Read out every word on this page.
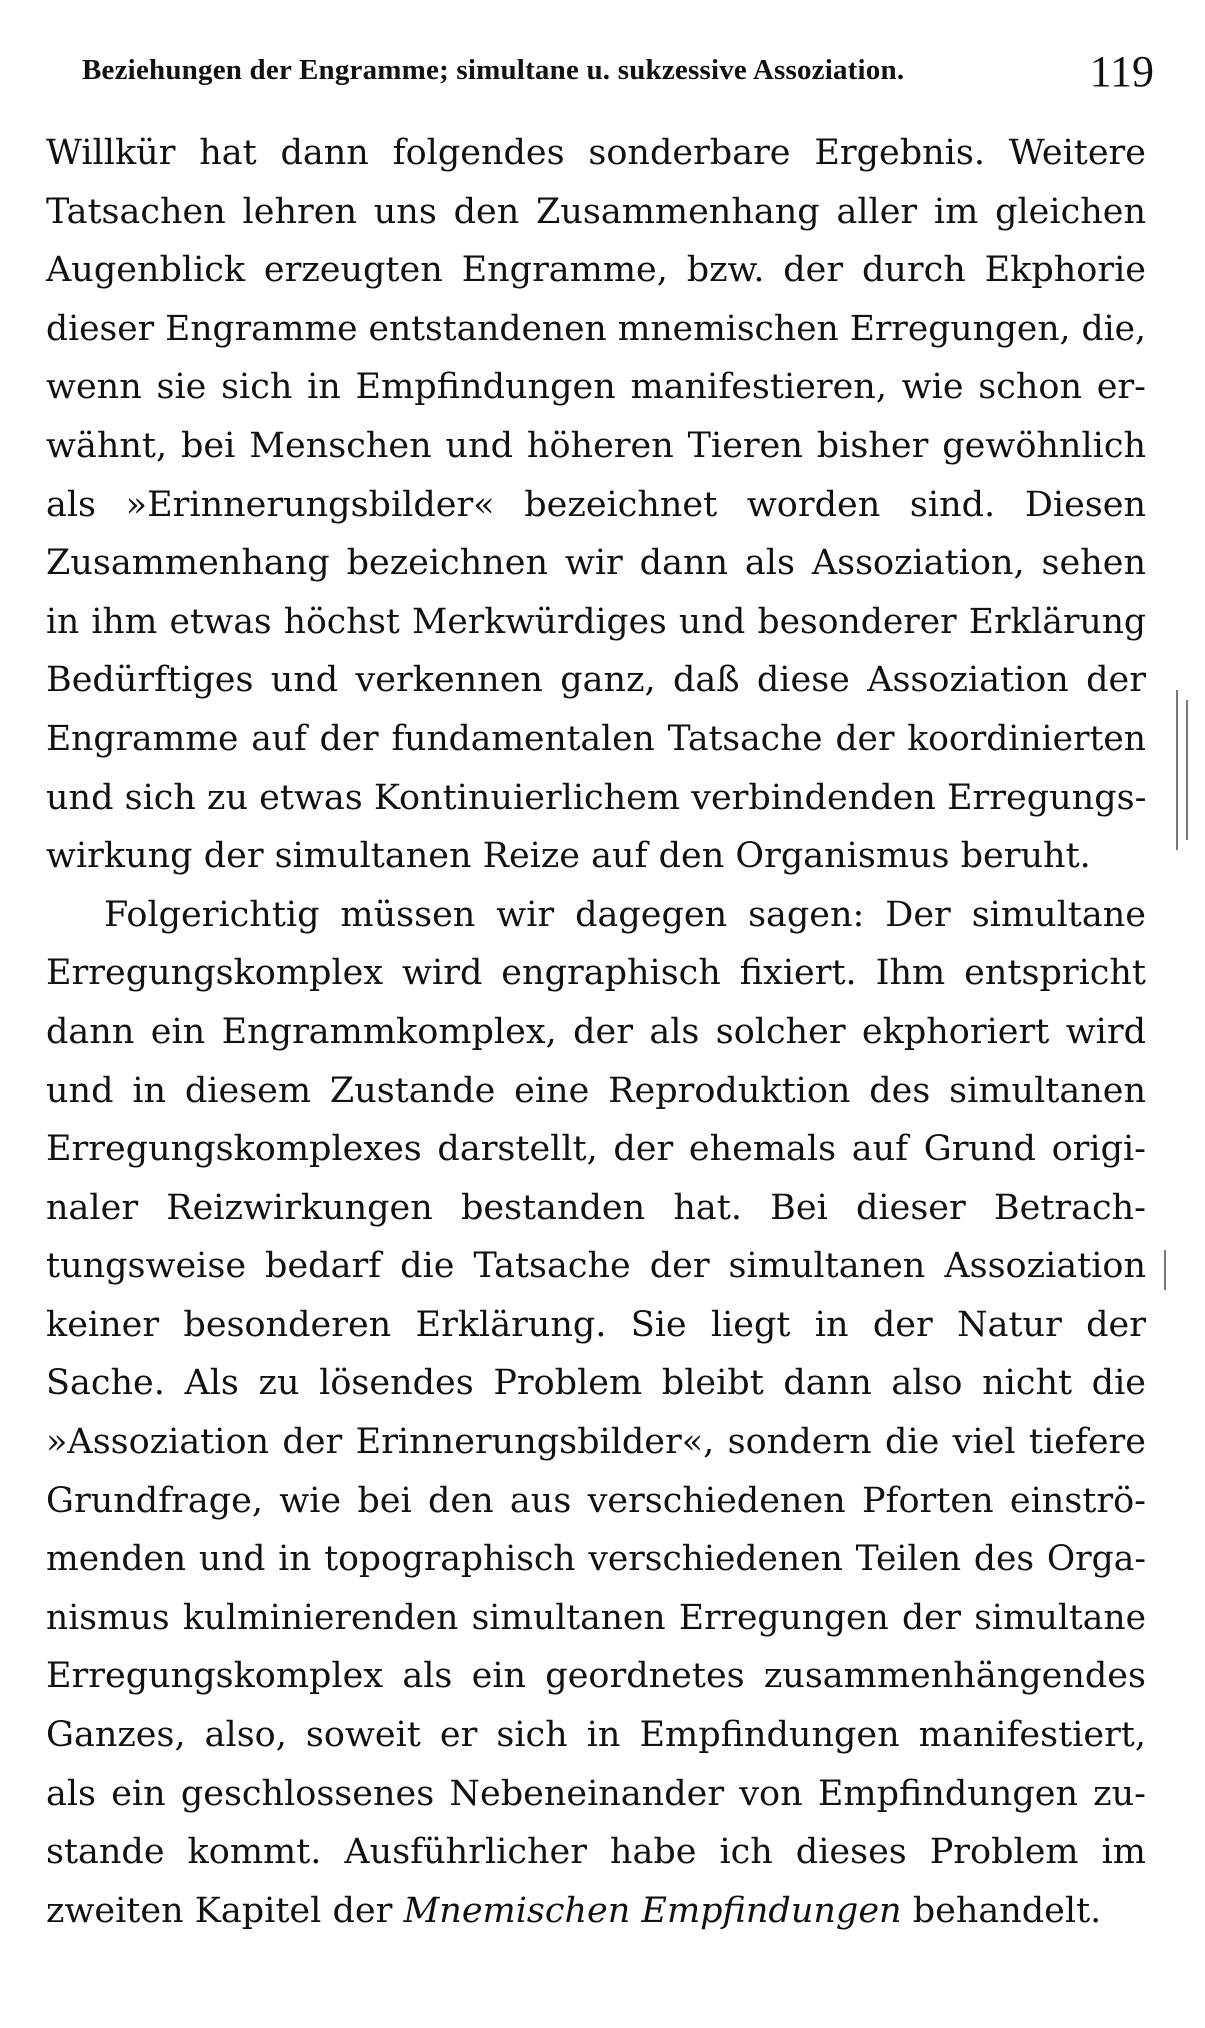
Beziehungen der Engramme; simultane u. sukzessive Assoziation.	119
Willkür hat dann folgendes sonderbare Ergebnis. Weitere
Tatsachen lehren uns den Zusammenhang aller im gleichen
Augenblick erzeugten Engramme, bzw. der durch Ekphorie
dieser Engramme entstandenen mnemischen Erregungen, die,
wenn sie sich in Empfindungen manifestieren, wie schon er-
wähnt, bei Menschen und höheren Tieren bisher gewöhnlich
als »Erinnerungsbilder« bezeichnet worden sind. Diesen
Zusammenhang bezeichnen wir dann als Assoziation, sehen
in ihm etwas höchst Merkwürdiges und besonderer Erklärung
Bedürftiges und verkennen ganz, daß diese Assoziation der
Engramme auf der fundamentalen Tatsache der koordinierten
und sich zu etwas Kontinuierlichem verbindenden Erregungs-
wirkung der simultanen Reize auf den Organismus beruht.
Folgerichtig müssen wir dagegen sagen: Der simultane
Erregungskomplex wird engraphisch fixiert. Ihm entspricht
dann ein Engrammkomplex, der als solcher ekphoriert wird
und in diesem Zustande eine Reproduktion des simultanen
Erregungskomplexes darstellt, der ehemals auf Grund origi-
naler Reizwirkungen bestanden hat. Bei dieser Betrach-
tungsweise bedarf die Tatsache der simultanen Assoziation
keiner besonderen Erklärung. Sie liegt in der Natur der
Sache. Als zu lösendes Problem bleibt dann also nicht die
»Assoziation der Erinnerungsbilder«, sondern die viel tiefere
Grundfrage, wie bei den aus verschiedenen Pforten einströ-
menden und in topographisch verschiedenen Teilen des Orga-
nismus kulminierenden simultanen Erregungen der simultane
Erregungskomplex als ein geordnetes zusammenhängendes
Ganzes, also, soweit er sich in Empfindungen manifestiert,
als ein geschlossenes Nebeneinander von Empfindungen zu-
stande kommt. Ausführlicher habe ich dieses Problem im
zweiten Kapitel der Mnemischen Empfindungen behandelt.
